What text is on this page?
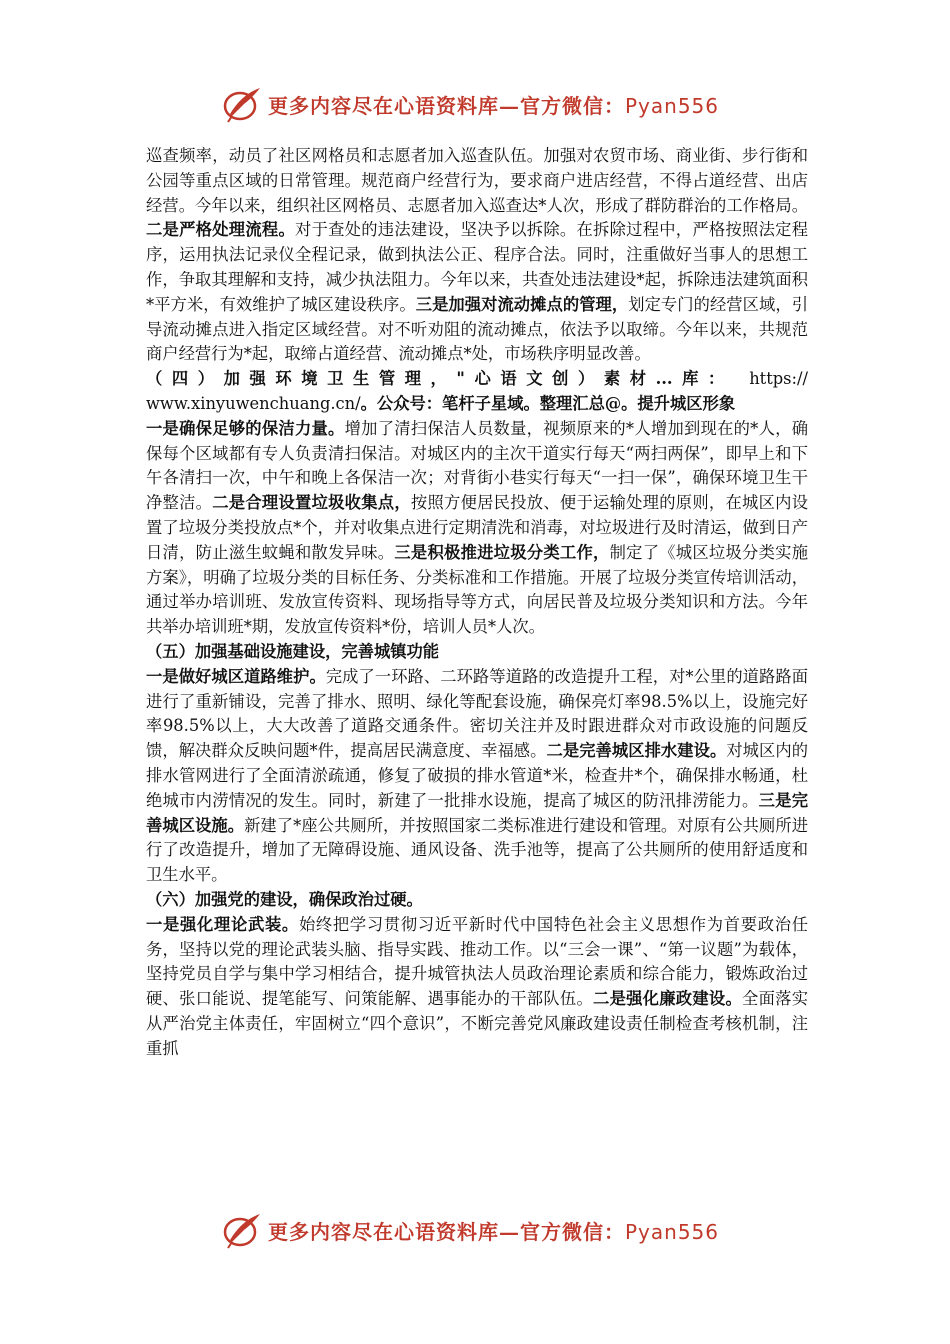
更多内容尽在心语资料库—官方微信：Pyan556

巡查频率，动员了社区网格员和志愿者加入巡查队伍。加强对农贸市场、商业街、步行街和公园等重点区域的日常管理。规范商户经营行为，要求商户进店经营，不得占道经营、出店经营。今年以来，组织社区网格员、志愿者加入巡查达*人次，形成了群防群治的工作格局。二是严格处理流程。对于查处的违法建设，坚决予以拆除。在拆除过程中，严格按照法定程序，运用执法记录仪全程记录，做到执法公正、程序合法。同时，注重做好当事人的思想工作，争取其理解和支持，减少执法阻力。今年以来，共查处违法建设*起，拆除违法建筑面积*平方米，有效维护了城区建设秩序。三是加强对流动摊点的管理，划定专门的经营区域，引导流动摊点进入指定区域经营。对不听劝阻的流动摊点，依法予以取缔。今年以来，共规范商户经营行为*起，取缔占道经营、流动摊点*处，市场秩序明显改善。

（四）加强环境卫生管理，"心语文创）素材...库： https://
www.xinyuwenchuang.cn/。公众号：笔杆子星域。整理汇总@。提升城区形象

一是确保足够的保洁力量。增加了清扫保洁人员数量，视频原来的*人增加到现在的*人，确保每个区域都有专人负责清扫保洁。对城区内的主次干道实行每天“两扫两保”，即早上和下午各清扫一次，中午和晚上各保洁一次；对背街小巷实行每天“一扫一保”，确保环境卫生干净整洁。二是合理设置垃圾收集点，按照方便居民投放、便于运输处理的原则，在城区内设置了垃圾分类投放点*个，并对收集点进行定期清洗和消毒，对垃圾进行及时清运，做到日产日清，防止滋生蚊蝇和散发异味。三是积极推进垃圾分类工作，制定了《城区垃圾分类实施方案》，明确了垃圾分类的目标任务、分类标准和工作措施。开展了垃圾分类宣传培训活动，通过举办培训班、发放宣传资料、现场指导等方式，向居民普及垃圾分类知识和方法。今年共举办培训班*期，发放宣传资料*份，培训人员*人次。

（五）加强基础设施建设，完善城镇功能

一是做好城区道路维护。完成了一环路、二环路等道路的改造提升工程，对*公里的道路路面进行了重新铺设，完善了排水、照明、绿化等配套设施，确保亮灯率98.5%以上，设施完好率98.5%以上，大大改善了道路交通条件。密切关注并及时跟进群众对市政设施的问题反馈，解决群众反映问题*件，提高居民满意度、幸福感。二是完善城区排水建设。对城区内的排水管网进行了全面清淤疏通，修复了破损的排水管道*米，检查井*个，确保排水畅通，杜绝城市内涝情况的发生。同时，新建了一批排水设施，提高了城区的防汛排涝能力。三是完善城区设施。新建了*座公共厕所，并按照国家二类标准进行建设和管理。对原有公共厕所进行了改造提升，增加了无障碍设施、通风设备、洗手池等，提高了公共厕所的使用舒适度和卫生水平。

（六）加强党的建设，确保政治过硬。

一是强化理论武装。始终把学习贯彻习近平新时代中国特色社会主义思想作为首要政治任务，坚持以党的理论武装头脑、指导实践、推动工作。以“三会一课”、“第一议题”为载体，坚持党员自学与集中学习相结合，提升城管执法人员政治理论素质和综合能力，锻炼政治过硬、张口能说、提笔能写、问策能解、遇事能办的干部队伍。二是强化廉政建设。全面落实从严治党主体责任，牢固树立“四个意识”，不断完善党风廉政建设责任制检查考核机制，注重抓

更多内容尽在心语资料库—官方微信：Pyan556
